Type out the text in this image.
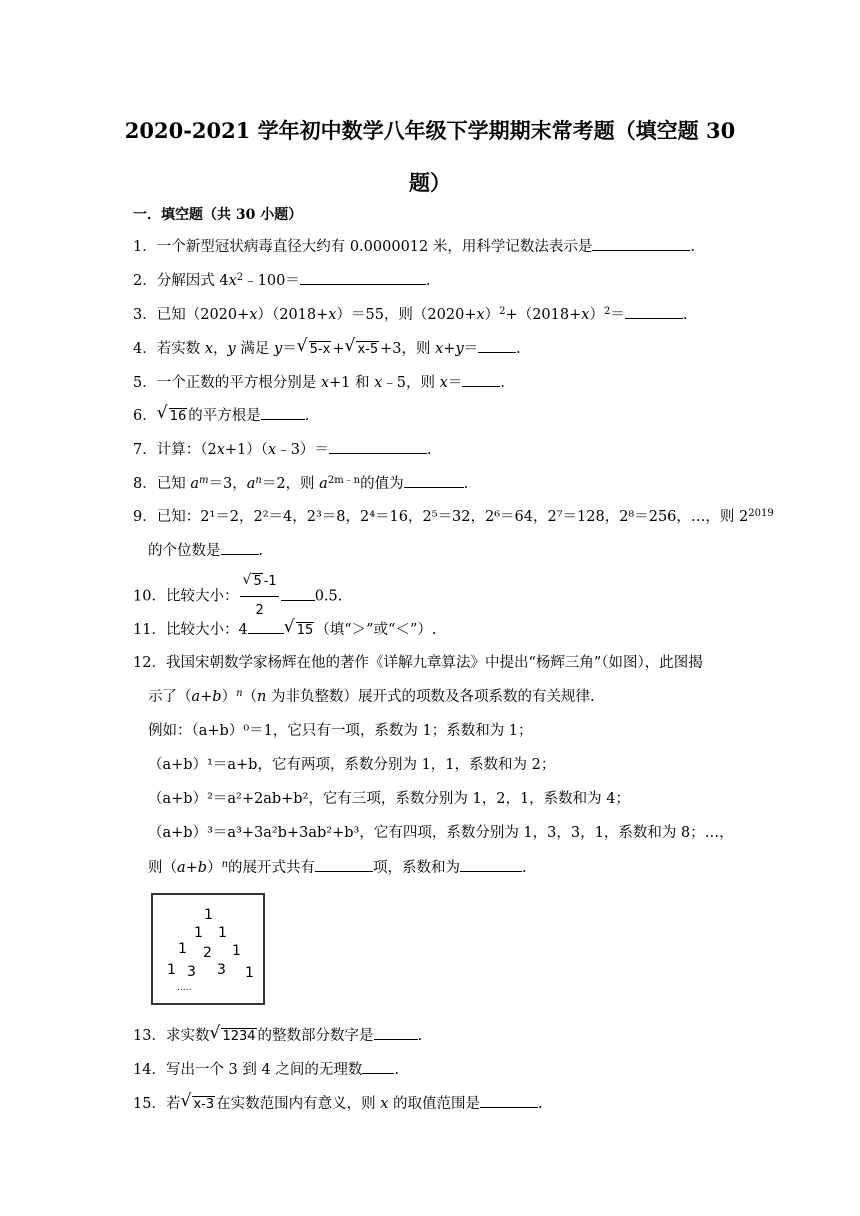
2020-2021 学年初中数学八年级下学期期末常考题（填空题 30
题）
一．填空题（共 30 小题）
1．一个新型冠状病毒直径大约有 0.0000012 米，用科学记数法表示是	.
2．分解因式 $4x^2﹣100=$	.
3．已知（2020+x）（2018+x）＝55，则$(2020+x)^2+(2018+x)^2=$	.
4．若实数 x，y 满足 y＝ √ 5-x + √ x-5 +3，则 x+y＝	.
5．一个正数的平方根分别是 x+1 和 x﹣5，则 x＝	.
6． √ 16 的平方根是	.
7．计算：（2x+1）（x﹣3）＝	.
8．已知 $a^m=3$，$a^n=2$，则 $a^{2m﹣n}$的值为	.
9．已知：2¹＝2，2²＝4，2³＝8，2⁴＝16，2⁵＝32，2⁶＝64，2⁷＝128，2⁸＝256，…，则 $2^{2019}$
的个位数是	.
10．比较大小： $\frac{√ 5 -1}{2} 0.5$.
11．比较大小：4 √ 15 （填“＞”或“＜”）.
12．我国宋朝数学家杨辉在他的著作《详解九章算法》中提出“杨辉三角”（如图），此图揭
示了$(a+b)^n(n$ 为非负整数）展开式的项数及各项系数的有关规律.
例如：（a+b）⁰＝1，它只有一项，系数为 1；系数和为 1；
（a+b）¹＝a+b，它有两项，系数分别为 1，1，系数和为 2；
（a+b）²＝a²+2ab+b²，它有三项，系数分别为 1，2，1，系数和为 4；
（a+b）³＝a³+3a²b+3ab²+b³，它有四项，系数分别为 1，3，3，1，系数和为 8；…，
则$(a+b)^n$的展开式共有	项，系数和为	.
1
1 1
1 2 1
1 3 3 1
.....
13．求实数 √ 1234 的整数部分数字是	.
14．写出一个 3 到 4 之间的无理数 .
15．若 √ x-3 在实数范围内有意义，则 x 的取值范围是	.
